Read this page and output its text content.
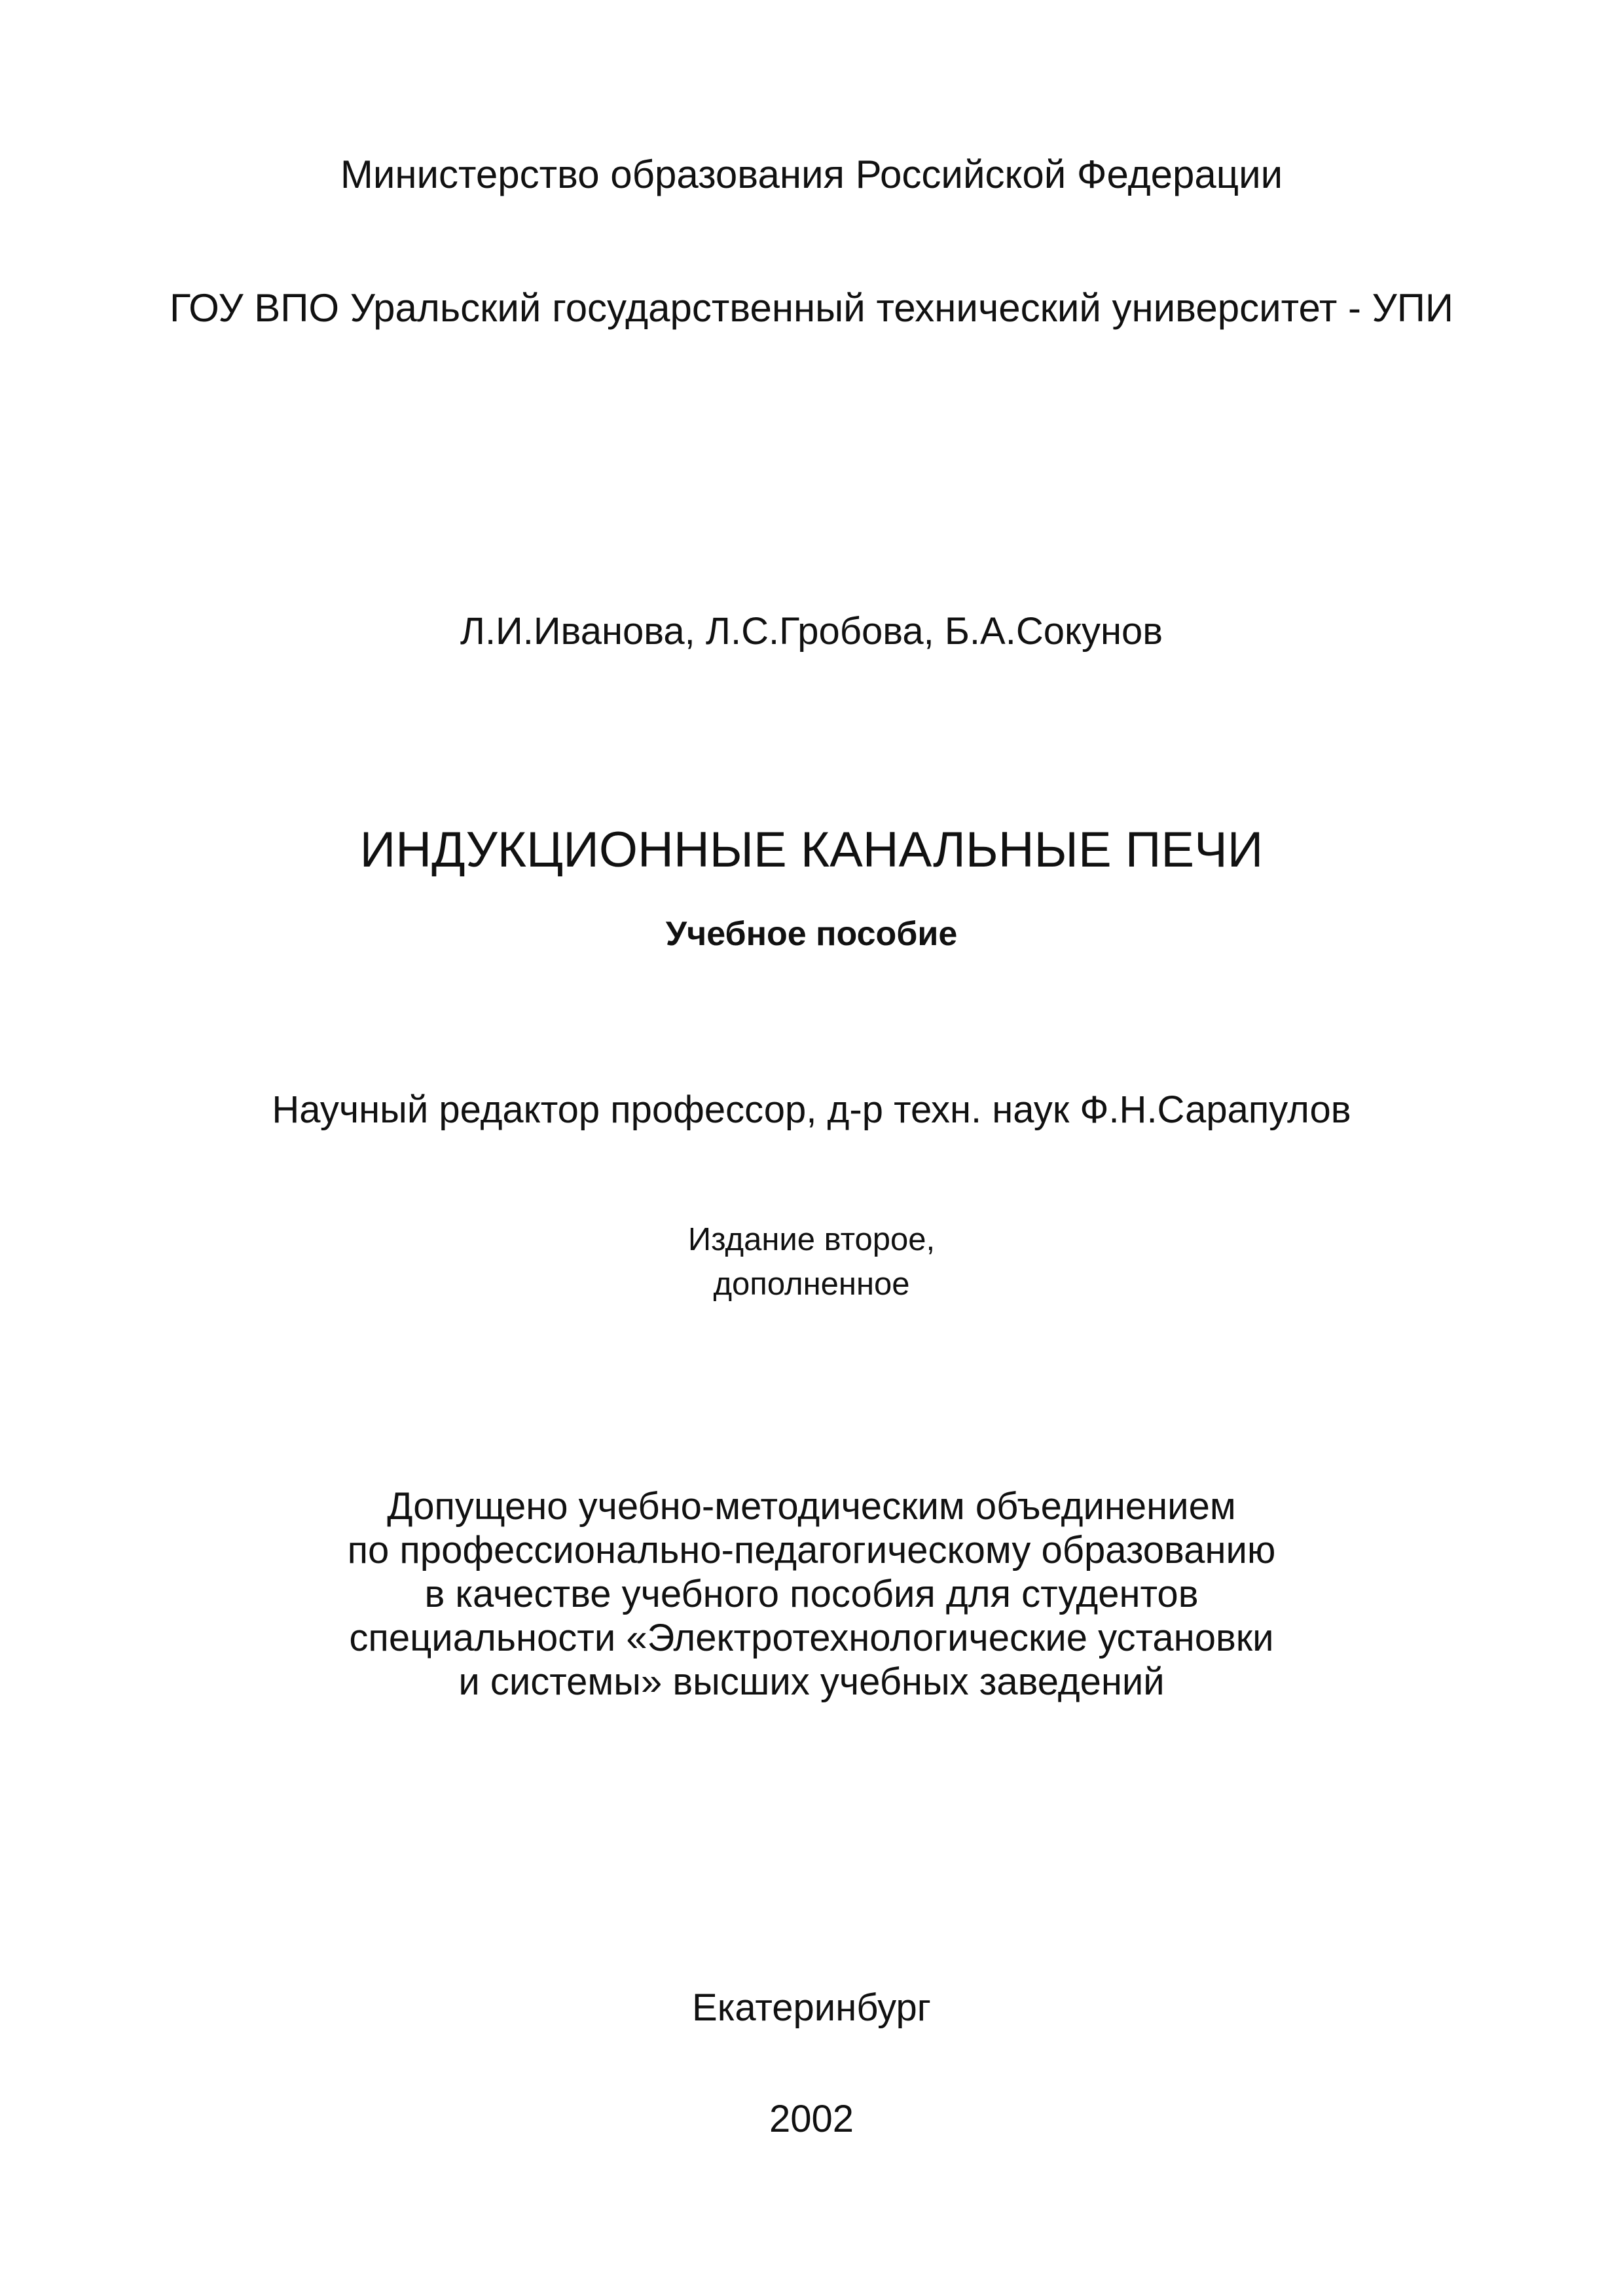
Министерство образования Российской Федерации
ГОУ ВПО Уральский государственный технический университет - УПИ
Л.И.Иванова, Л.С.Гробова, Б.А.Сокунов
ИНДУКЦИОННЫЕ КАНАЛЬНЫЕ ПЕЧИ
Учебное пособие
Научный редактор профессор, д-р техн. наук Ф.Н.Сарапулов
Издание второе,
дополненное
Допущено учебно-методическим объединением
по профессионально-педагогическому образованию
в качестве учебного пособия для студентов
специальности «Электротехнологические установки
и системы» высших учебных заведений
Екатеринбург
2002
